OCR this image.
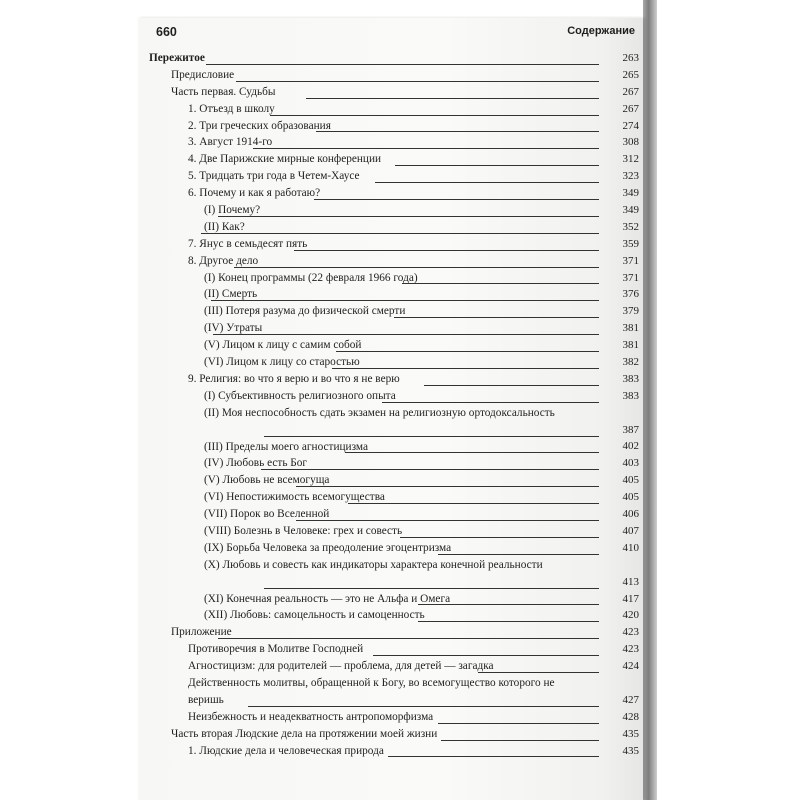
660	Содержание
Пережитое	263
Предисловие	265
Часть первая. Судьбы	267
1. Отъезд в школу	267
2. Три греческих образования	274
3. Август 1914-го	308
4. Две Парижские мирные конференции	312
5. Тридцать три года в Четем-Хаусе	323
6. Почему и как я работаю?	349
(I) Почему?	349
(II) Как?	352
7. Янус в семьдесят пять	359
8. Другое дело	371
(I) Конец программы (22 февраля 1966 года)	371
(II) Смерть	376
(III) Потеря разума до физической смерти	379
(IV) Утраты	381
(V) Лицом к лицу с самим собой	381
(VI) Лицом к лицу со старостью	382
9. Религия: во что я верю и во что я не верю	383
(I) Субъективность религиозного опыта	383
(II) Моя неспособность сдать экзамен на религиозную ортодоксальность
387
(III) Пределы моего агностицизма	402
(IV) Любовь есть Бог	403
(V) Любовь не всемогуща	405
(VI) Непостижимость всемогущества	405
(VII) Порок во Вселенной	406
(VIII) Болезнь в Человеке: грех и совесть	407
(IX) Борьба Человека за преодоление эгоцентризма	410
(X) Любовь и совесть как индикаторы характера конечной реальности
413
(XI) Конечная реальность — это не Альфа и Омега	417
(XII) Любовь: самоцельность и самоценность	420
Приложение	423
Противоречия в Молитве Господней	423
Агностицизм: для родителей — проблема, для детей — загадка	424
Действенность молитвы, обращенной к Богу, во всемогущество которого не веришь	427
Неизбежность и неадекватность антропоморфизма	428
Часть вторая Людские дела на протяжении моей жизни	435
1. Людские дела и человеческая природа	435
